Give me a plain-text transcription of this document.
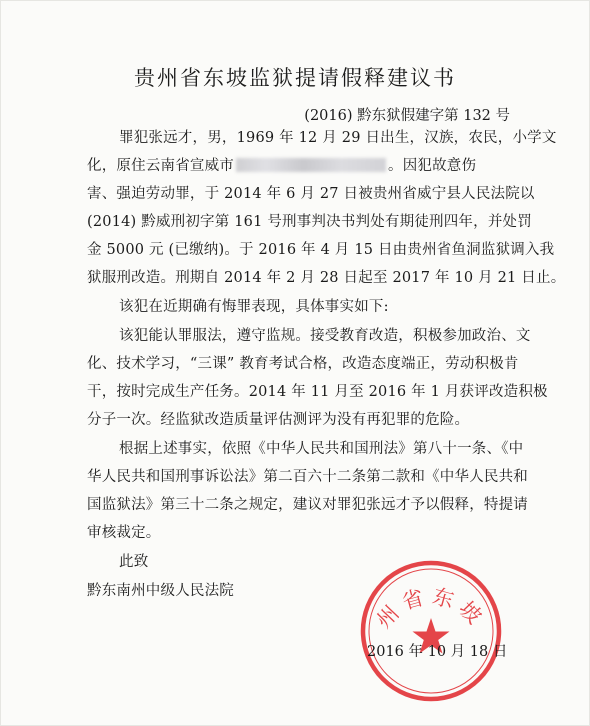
贵州省东坡监狱提请假释建议书
(2016) 黔东狱假建字第 132 号
罪犯张远才，男，1969 年 12 月 29 日出生，汉族，农民，小学文
化，原住云南省宣威市	。因犯故意伤
害、强迫劳动罪，于 2014 年 6 月 27 日被贵州省威宁县人民法院以
(2014) 黔威刑初字第 161 号刑事判决书判处有期徒刑四年，并处罚
金 5000 元 (已缴纳)。于 2016 年 4 月 15 日由贵州省鱼洞监狱调入我
狱服刑改造。刑期自 2014 年 2 月 28 日起至 2017 年 10 月 21 日止。
该犯在近期确有悔罪表现，具体事实如下:
该犯能认罪服法，遵守监规。接受教育改造，积极参加政治、文
化、技术学习，“三课” 教育考试合格，改造态度端正，劳动积极肯
干，按时完成生产任务。2014 年 11 月至 2016 年 1 月获评改造积极
分子一次。经监狱改造质量评估测评为没有再犯罪的危险。
根据上述事实，依照《中华人民共和国刑法》第八十一条、《中
华人民共和国刑事诉讼法》第二百六十二条第二款和《中华人民共和
国监狱法》第三十二条之规定，建议对罪犯张远才予以假释，特提请
审核裁定。
此致
黔东南州中级人民法院
州省东坡
2016 年 10 月 18 日
